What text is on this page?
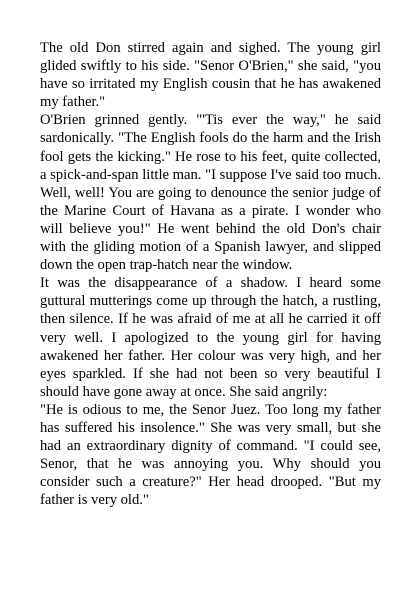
The old Don stirred again and sighed. The young girl glided swiftly to his side. "Senor O'Brien," she said, "you have so irritated my English cousin that he has awakened my father."

O'Brien grinned gently. "'Tis ever the way," he said sardonically. "The English fools do the harm and the Irish fool gets the kicking." He rose to his feet, quite collected, a spick-and-span little man. "I suppose I've said too much. Well, well! You are going to denounce the senior judge of the Marine Court of Havana as a pirate. I wonder who will believe you!" He went behind the old Don's chair with the gliding motion of a Spanish lawyer, and slipped down the open trap-hatch near the window.

It was the disappearance of a shadow. I heard some guttural mutterings come up through the hatch, a rustling, then silence. If he was afraid of me at all he carried it off very well. I apologized to the young girl for having awakened her father. Her colour was very high, and her eyes sparkled. If she had not been so very beautiful I should have gone away at once. She said angrily:

"He is odious to me, the Senor Juez. Too long my father has suffered his insolence." She was very small, but she had an extraordinary dignity of command. "I could see, Senor, that he was annoying you. Why should you consider such a creature?" Her head drooped. "But my father is very old."
